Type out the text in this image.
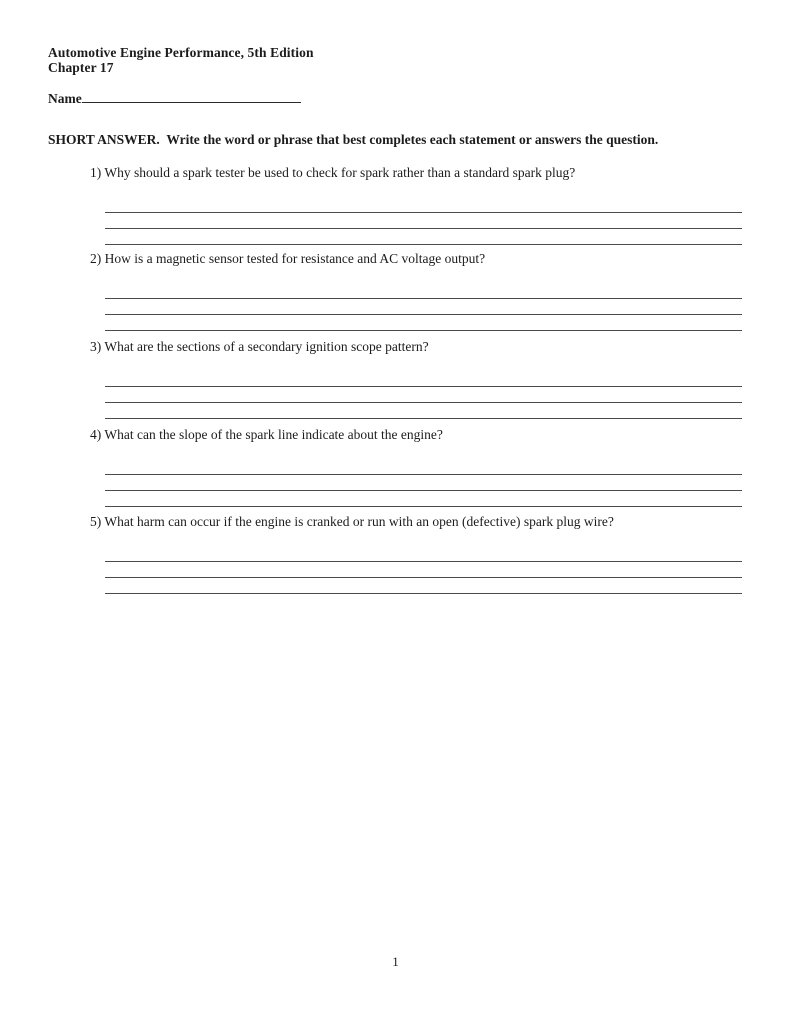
Automotive Engine Performance, 5th Edition
Chapter 17
Name
SHORT ANSWER.  Write the word or phrase that best completes each statement or answers the question.

1) Why should a spark tester be used to check for spark rather than a standard spark plug?

2) How is a magnetic sensor tested for resistance and AC voltage output?

3) What are the sections of a secondary ignition scope pattern?

4) What can the slope of the spark line indicate about the engine?

5) What harm can occur if the engine is cranked or run with an open (defective) spark plug wire?

1
